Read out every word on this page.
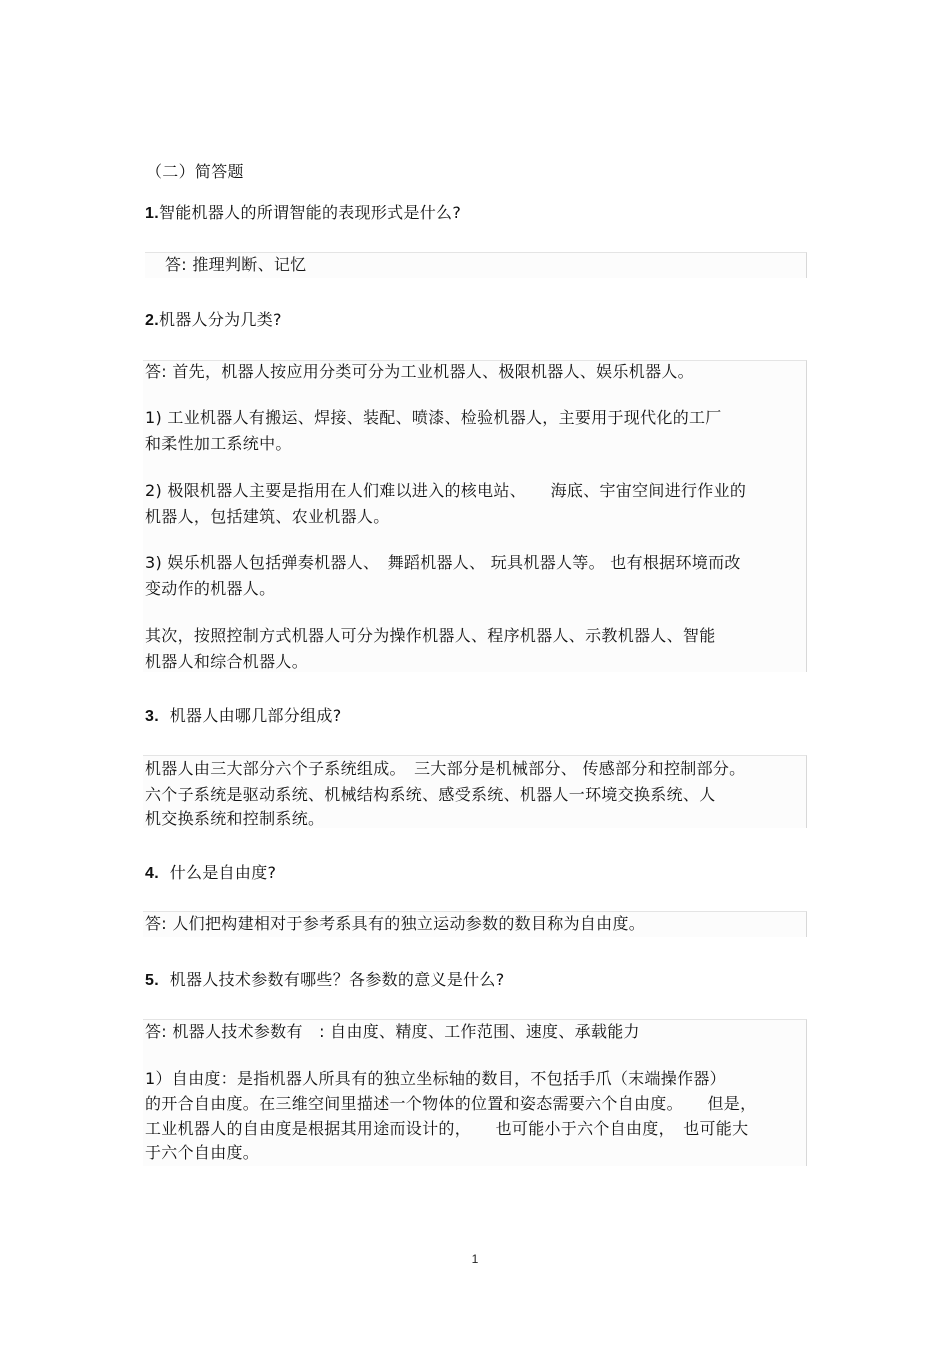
（二）简答题
1.智能机器人的所谓智能的表现形式是什么?
答: 推理判断、记忆
2.机器人分为几类?
答: 首先，机器人按应用分类可分为工业机器人、极限机器人、娱乐机器人。
1) 工业机器人有搬运、焊接、装配、喷漆、检验机器人，主要用于现代化的工厂
和柔性加工系统中。
2) 极限机器人主要是指用在人们难以进入的核电站、　　海底、宇宙空间进行作业的
机器人，包括建筑、农业机器人。
3) 娱乐机器人包括弹奏机器人、　舞蹈机器人、 玩具机器人等。 也有根据环境而改
变动作的机器人。
其次，按照控制方式机器人可分为操作机器人、程序机器人、示教机器人、智能
机器人和综合机器人。
3. 机器人由哪几部分组成?
机器人由三大部分六个子系统组成。　三大部分是机械部分、 传感部分和控制部分。
六个子系统是驱动系统、机械结构系统、感受系统、机器人一环境交换系统、人
机交换系统和控制系统。
4. 什么是自由度?
答: 人们把构建相对于参考系具有的独立运动参数的数目称为自由度。
5. 机器人技术参数有哪些？各参数的意义是什么?
答: 机器人技术参数有　: 自由度、精度、工作范围、速度、承载能力
1）自由度：是指机器人所具有的独立坐标轴的数目，不包括手爪（末端操作器）
的开合自由度。在三维空间里描述一个物体的位置和姿态需要六个自由度。　　但是，
工业机器人的自由度是根据其用途而设计的，　　也可能小于六个自由度，　也可能大
于六个自由度。
1
